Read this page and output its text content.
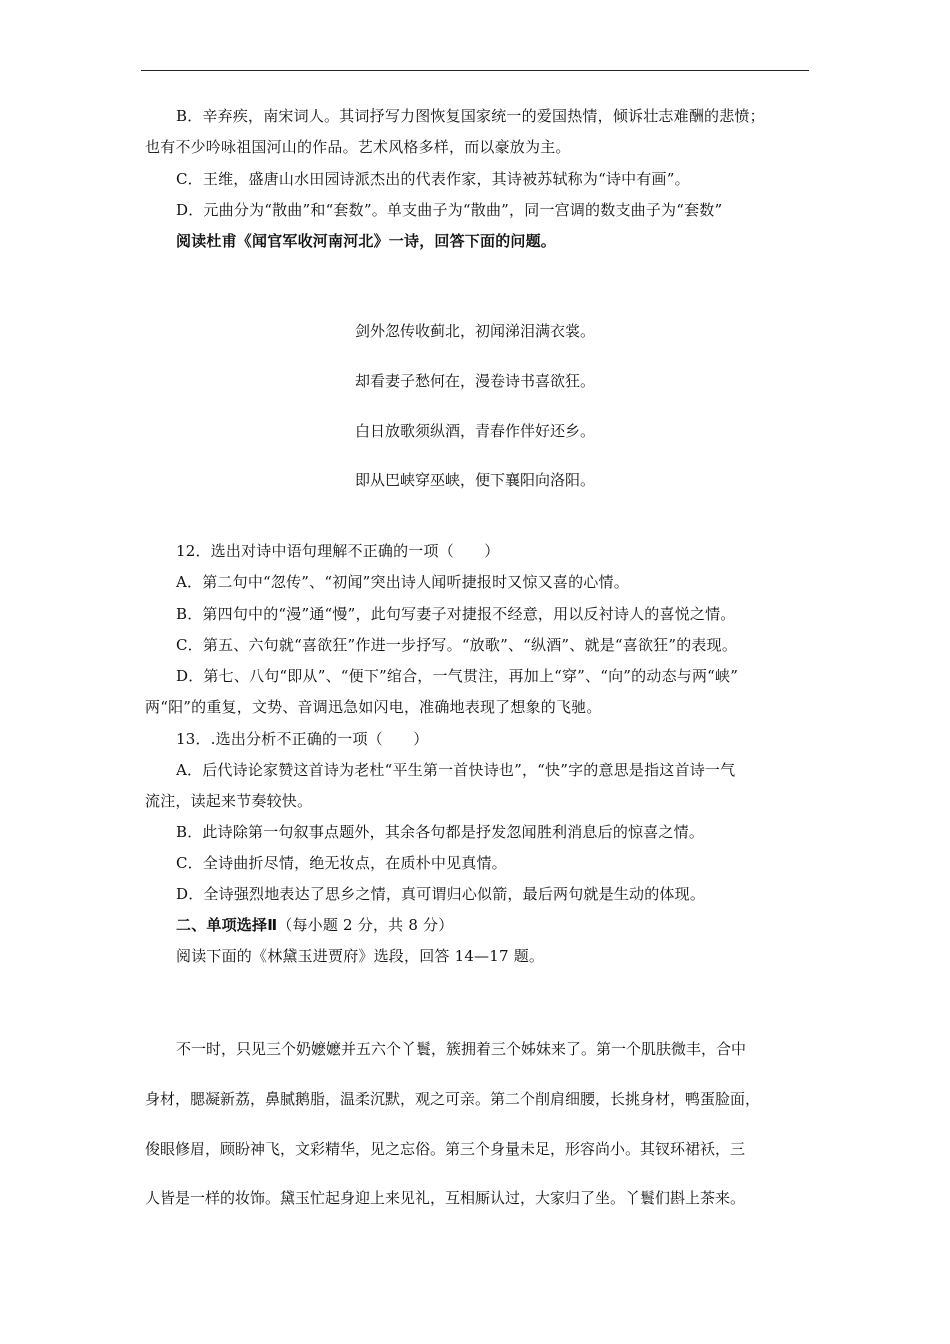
B．辛弃疾，南宋词人。其词抒写力图恢复国家统一的爱国热情，倾诉壮志难酬的悲愤；
也有不少吟咏祖国河山的作品。艺术风格多样，而以豪放为主。
C．王维，盛唐山水田园诗派杰出的代表作家，其诗被苏轼称为“诗中有画”。
D．元曲分为“散曲”和“套数”。单支曲子为“散曲”，同一宫调的数支曲子为“套数”
阅读杜甫《闻官军收河南河北》一诗，回答下面的问题。
剑外忽传收蓟北，初闻涕泪满衣裳。
却看妻子愁何在，漫卷诗书喜欲狂。
白日放歌须纵酒，青春作伴好还乡。
即从巴峡穿巫峡，便下襄阳向洛阳。
12．选出对诗中语句理解不正确的一项（　　）
A．第二句中“忽传”、“初闻”突出诗人闻听捷报时又惊又喜的心情。
B．第四句中的“漫”通“慢”，此句写妻子对捷报不经意，用以反衬诗人的喜悦之情。
C．第五、六句就“喜欲狂”作进一步抒写。“放歌”、“纵酒”、就是“喜欲狂”的表现。
D．第七、八句“即从”、“便下”绾合，一气贯注，再加上“穿”、“向”的动态与两“峡”
两“阳”的重复，文势、音调迅急如闪电，准确地表现了想象的飞驰。
13．.选出分析不正确的一项（　　）
A．后代诗论家赞这首诗为老杜“平生第一首快诗也”，“快”字的意思是指这首诗一气
流注，读起来节奏较快。
B．此诗除第一句叙事点题外，其余各句都是抒发忽闻胜利消息后的惊喜之情。
C．全诗曲折尽情，绝无妆点，在质朴中见真情。
D．全诗强烈地表达了思乡之情，真可谓归心似箭，最后两句就是生动的体现。
二、单项选择Ⅱ（每小题 2 分，共 8 分）
阅读下面的《林黛玉进贾府》选段，回答 14—17 题。
不一时，只见三个奶嬷嬷并五六个丫鬟，簇拥着三个姊妹来了。第一个肌肤微丰，合中
身材，腮凝新荔，鼻腻鹅脂，温柔沉默，观之可亲。第二个削肩细腰，长挑身材，鸭蛋脸面，
俊眼修眉，顾盼神飞，文彩精华，见之忘俗。第三个身量未足，形容尚小。其钗环裙袄，三
人皆是一样的妆饰。黛玉忙起身迎上来见礼，互相厮认过，大家归了坐。丫鬟们斟上茶来。
